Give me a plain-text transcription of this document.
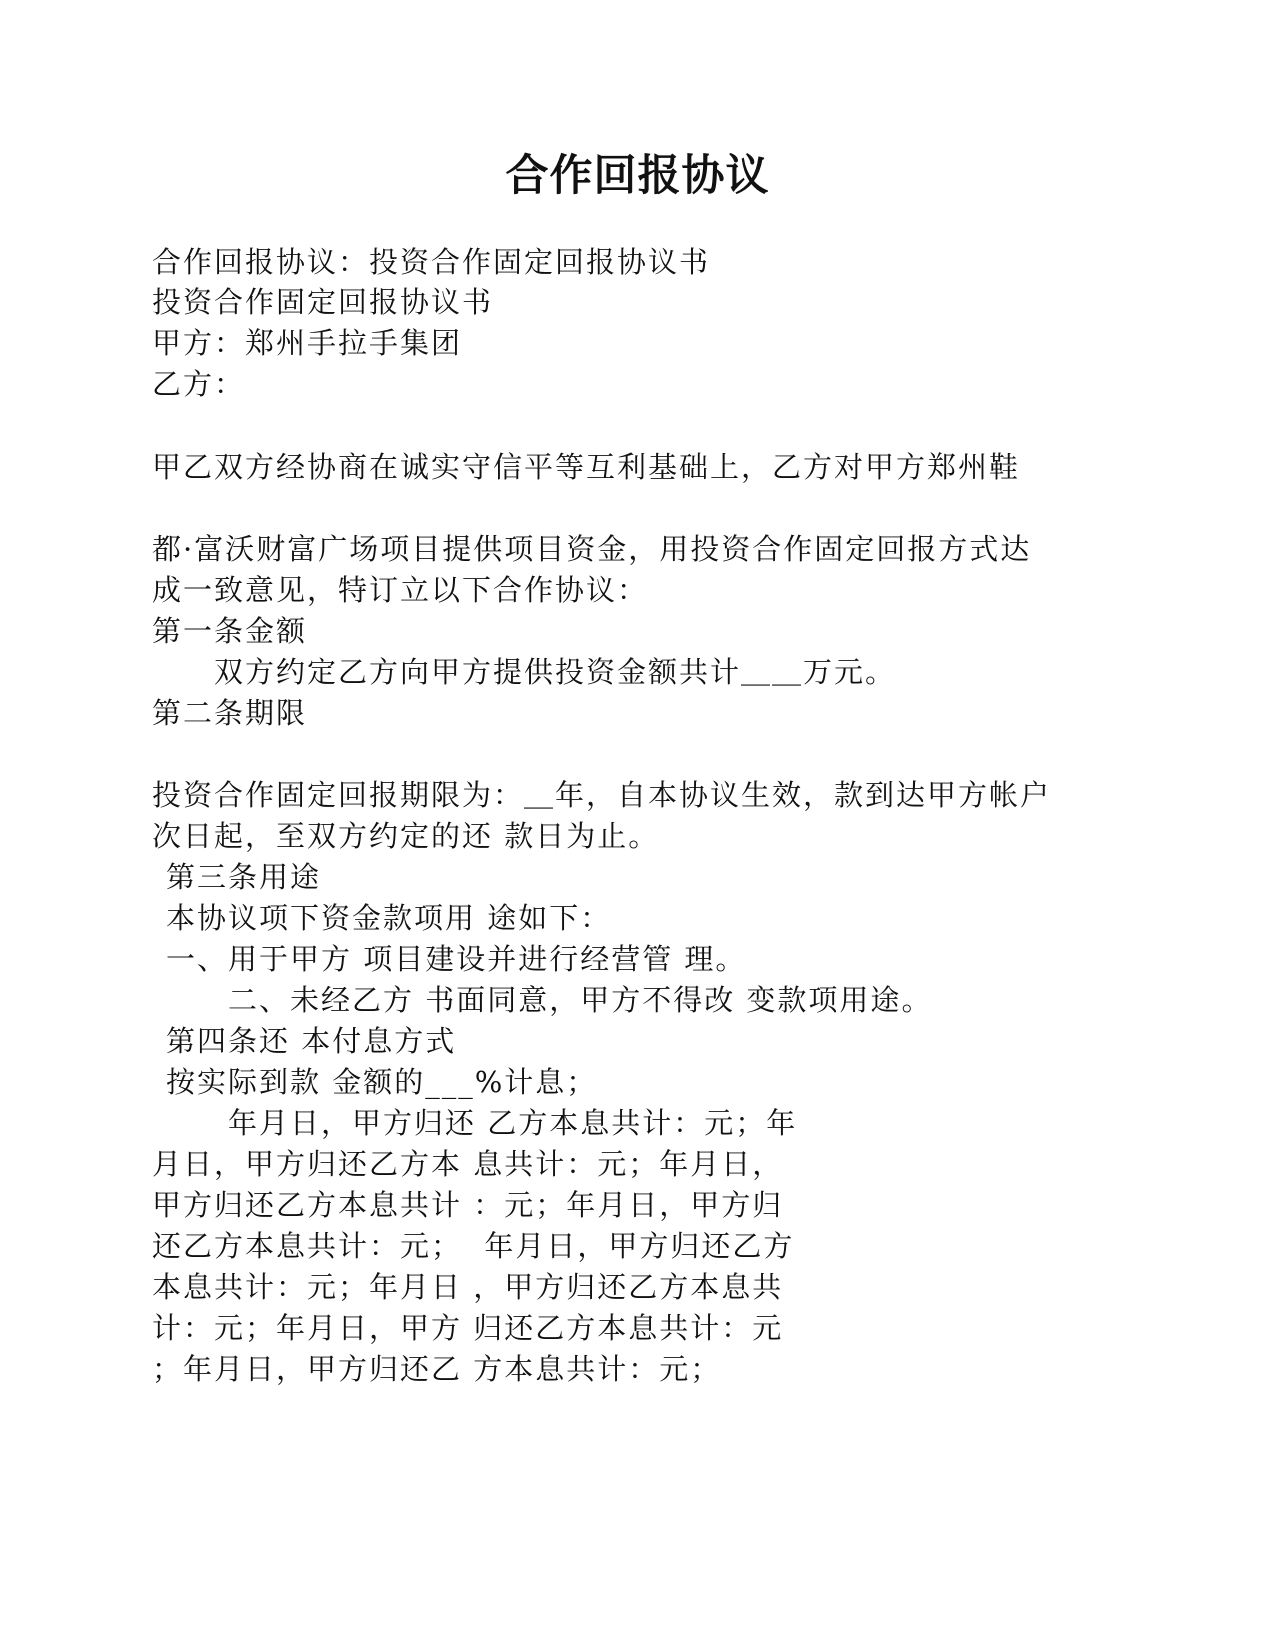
合作回报协议
合作回报协议：投资合作固定回报协议书
投资合作固定回报协议书
甲方：郑州手拉手集团
乙方：
甲乙双方经协商在诚实守信平等互利基础上，乙方对甲方郑州鞋
都·富沃财富广场项目提供项目资金，用投资合作固定回报方式达
成一致意见，特订立以下合作协议：
第一条金额
双方约定乙方向甲方提供投资金额共计＿＿万元。
第二条期限
投资合作固定回报期限为：＿年，自本协议生效，款到达甲方帐户
次日起，至双方约定的还 款日为止。
第三条用途
本协议项下资金款项用 途如下：
一、用于甲方 项目建设并进行经营管 理。
二、未经乙方 书面同意，甲方不得改 变款项用途。
第四条还 本付息方式
按实际到款 金额的___%计息；
年月日，甲方归还 乙方本息共计：元；年
月日，甲方归还乙方本 息共计：元；年月日，
甲方归还乙方本息共计 ：元；年月日，甲方归
还乙方本息共计：元；  年月日，甲方归还乙方
本息共计：元；年月日 ，甲方归还乙方本息共
计：元；年月日，甲方 归还乙方本息共计：元
；年月日，甲方归还乙 方本息共计：元；
